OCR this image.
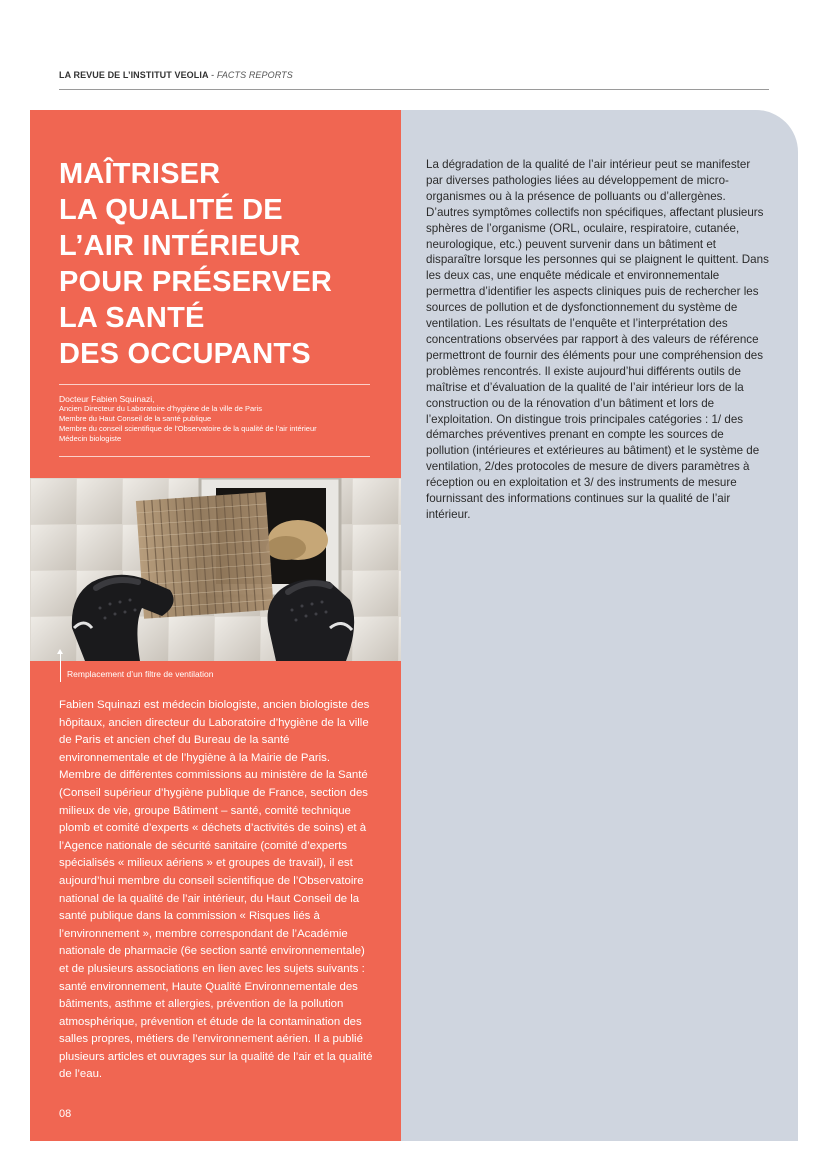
LA REVUE DE L’INSTITUT VEOLIA - FACTS REPORTS
MAÎTRISER
LA QUALITÉ DE
L’AIR INTÉRIEUR
POUR PRÉSERVER
LA SANTÉ
DES OCCUPANTS
Docteur Fabien Squinazi,
Ancien Directeur du Laboratoire d’hygiène de la ville de Paris
Membre du Haut Conseil de la santé publique
Membre du conseil scientifique de l’Observatoire de la qualité de l’air intérieur
Médecin biologiste
Remplacement d’un filtre de ventilation

Fabien Squinazi est médecin biologiste, ancien biologiste des hôpitaux, ancien directeur du Laboratoire d’hygiène de la ville de Paris et ancien chef du Bureau de la santé environnementale et de l’hygiène à la Mairie de Paris. Membre de différentes commissions au ministère de la Santé (Conseil supérieur d’hygiène publique de France, section des milieux de vie, groupe Bâtiment – santé, comité technique plomb et comité d’experts « déchets d’activités de soins) et à l’Agence nationale de sécurité sanitaire (comité d’experts spécialisés « milieux aériens » et groupes de travail), il est aujourd’hui membre du conseil scientifique de l’Observatoire national de la qualité de l’air intérieur, du Haut Conseil de la santé publique dans la commission « Risques liés à l’environnement », membre correspondant de l’Académie nationale de pharmacie (6e section santé environnementale) et de plusieurs associations en lien avec les sujets suivants : santé environnement, Haute Qualité Environnementale des bâtiments, asthme et allergies, prévention de la pollution atmosphérique, prévention et étude de la contamination des salles propres, métiers de l’environnement aérien. Il a publié plusieurs articles et ouvrages sur la qualité de l’air et la qualité de l’eau.

08

La dégradation de la qualité de l’air intérieur peut se manifester par diverses pathologies liées au développement de micro-organismes ou à la présence de polluants ou d’allergènes. D’autres symptômes collectifs non spécifiques, affectant plusieurs sphères de l’organisme (ORL, oculaire, respiratoire, cutanée, neurologique, etc.) peuvent survenir dans un bâtiment et disparaître lorsque les personnes qui se plaignent le quittent. Dans les deux cas, une enquête médicale et environnementale permettra d’identifier les aspects cliniques puis de rechercher les sources de pollution et de dysfonctionnement du système de ventilation. Les résultats de l’enquête et l’interprétation des concentrations observées par rapport à des valeurs de référence permettront de fournir des éléments pour une compréhension des problèmes rencontrés. Il existe aujourd’hui différents outils de maîtrise et d’évaluation de la qualité de l’air intérieur lors de la construction ou de la rénovation d’un bâtiment et lors de l’exploitation. On distingue trois principales catégories : 1/ des démarches préventives prenant en compte les sources de pollution (intérieures et extérieures au bâtiment) et le système de ventilation, 2/des protocoles de mesure de divers paramètres à réception ou en exploitation et 3/ des instruments de mesure fournissant des informations continues sur la qualité de l’air intérieur.
